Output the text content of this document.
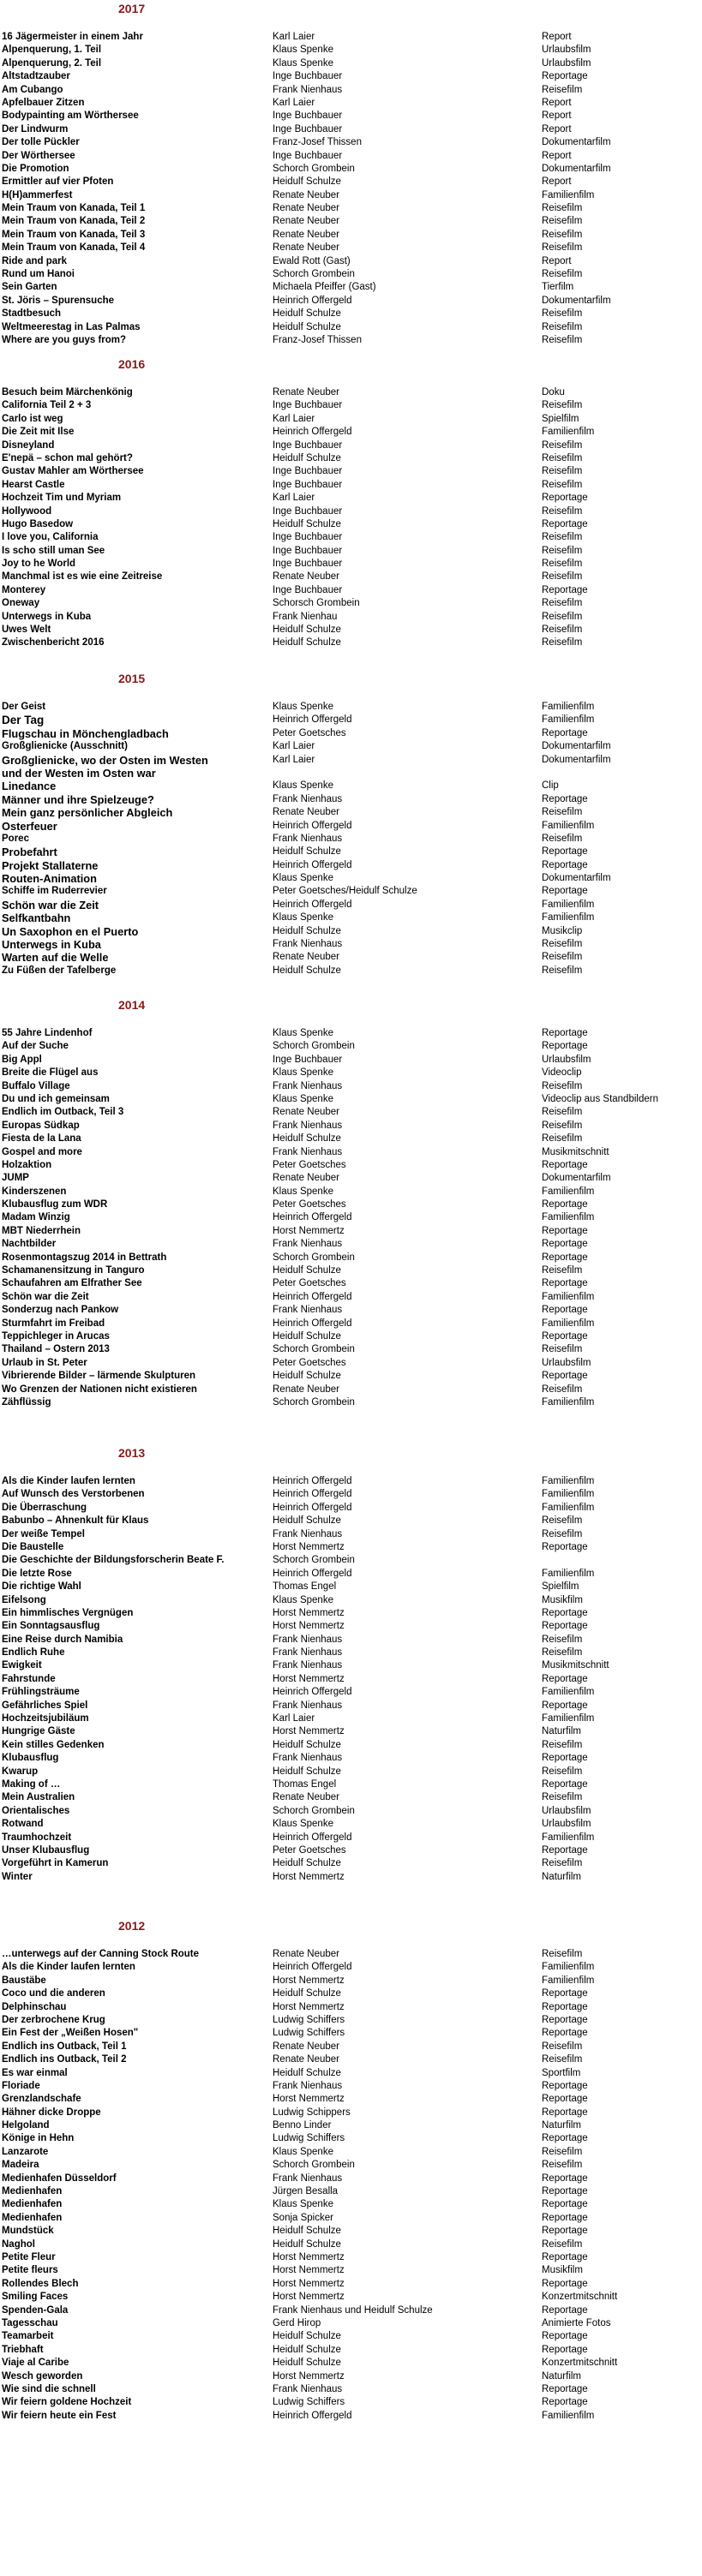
2017
16 Jägermeister in einem Jahr	Karl Laier	Report
Alpenquerung, 1. Teil	Klaus Spenke	Urlaubsfilm
Alpenquerung, 2. Teil	Klaus Spenke	Urlaubsfilm
Altstadtzauber	Inge Buchbauer	Reportage
Am Cubango	Frank Nienhaus	Reisefilm
Apfelbauer Zitzen	Karl Laier	Report
Bodypainting am Wörthersee	Inge Buchbauer	Report
Der Lindwurm	Inge Buchbauer	Report
Der tolle Pückler	Franz-Josef Thissen	Dokumentarfilm
Der Wörthersee	Inge Buchbauer	Report
Die Promotion	Schorch Grombein	Dokumentarfilm
Ermittler auf vier Pfoten	Heidulf Schulze	Report
H(H)ammerfest	Renate Neuber	Familienfilm
Mein Traum von Kanada, Teil 1	Renate Neuber	Reisefilm
Mein Traum von Kanada, Teil 2	Renate Neuber	Reisefilm
Mein Traum von Kanada, Teil 3	Renate Neuber	Reisefilm
Mein Traum von Kanada, Teil 4	Renate Neuber	Reisefilm
Ride and park	Ewald Rott (Gast)	Report
Rund um Hanoi	Schorch Grombein	Reisefilm
Sein Garten	Michaela Pfeiffer (Gast)	Tierfilm
St. Jöris – Spurensuche	Heinrich Offergeld	Dokumentarfilm
Stadtbesuch	Heidulf Schulze	Reisefilm
Weltmeerestag in Las Palmas	Heidulf Schulze	Reisefilm
Where are you guys from?	Franz-Josef Thissen	Reisefilm
2016
Besuch beim Märchenkönig	Renate Neuber	Doku
California Teil 2 + 3	Inge Buchbauer	Reisefilm
Carlo ist weg	Karl Laier	Spielfilm
Die Zeit mit Ilse	Heinrich Offergeld	Familienfilm
Disneyland	Inge Buchbauer	Reisefilm
E'nepä – schon mal gehört?	Heidulf Schulze	Reisefilm
Gustav Mahler am Wörthersee	Inge Buchbauer	Reisefilm
Hearst Castle	Inge Buchbauer	Reisefilm
Hochzeit Tim und Myriam	Karl Laier	Reportage
Hollywood	Inge Buchbauer	Reisefilm
Hugo Basedow	Heidulf Schulze	Reportage
I love you, California	Inge Buchbauer	Reisefilm
Is scho still uman See	Inge Buchbauer	Reisefilm
Joy to he World	Inge Buchbauer	Reisefilm
Manchmal ist es wie eine Zeitreise	Renate Neuber	Reisefilm
Monterey	Inge Buchbauer	Reportage
Oneway	Schorsch Grombein	Reisefilm
Unterwegs in Kuba	Frank Nienhau	Reisefilm
Uwes Welt	Heidulf Schulze	Reisefilm
Zwischenbericht 2016	Heidulf Schulze	Reisefilm
2015
Der Geist	Klaus Spenke	Familienfilm
Der Tag	Heinrich Offergeld	Familienfilm
Flugschau in Mönchengladbach	Peter Goetsches	Reportage
Großglienicke (Ausschnitt)	Karl Laier	Dokumentarfilm
Großglienicke, wo der Osten im Westen	Karl Laier	Dokumentarfilm
und der Westen im Osten war
Linedance	Klaus Spenke	Clip
Männer und ihre Spielzeuge?	Frank Nienhaus	Reportage
Mein ganz persönlicher Abgleich	Renate Neuber	Reisefilm
Osterfeuer	Heinrich Offergeld	Familienfilm
Porec	Frank Nienhaus	Reisefilm
Probefahrt	Heidulf Schulze	Reportage
Projekt Stallaterne	Heinrich Offergeld	Reportage
Routen-Animation	Klaus Spenke	Dokumentarfilm
Schiffe im Ruderrevier	Peter Goetsches/Heidulf Schulze	Reportage
Schön war die Zeit	Heinrich Offergeld	Familienfilm
Selfkantbahn	Klaus Spenke	Familienfilm
Un Saxophon en el Puerto	Heidulf Schulze	Musikclip
Unterwegs in Kuba	Frank Nienhaus	Reisefilm
Warten auf die Welle	Renate Neuber	Reisefilm
Zu Füßen der Tafelberge	Heidulf Schulze	Reisefilm
2014
55 Jahre Lindenhof	Klaus Spenke	Reportage
Auf der Suche	Schorch Grombein	Reportage
Big Appl	Inge Buchbauer	Urlaubsfilm
Breite die Flügel aus	Klaus Spenke	Videoclip
Buffalo Village	Frank Nienhaus	Reisefilm
Du und ich gemeinsam	Klaus Spenke	Videoclip aus Standbildern
Endlich im Outback, Teil 3	Renate Neuber	Reisefilm
Europas Südkap	Frank Nienhaus	Reisefilm
Fiesta de la Lana	Heidulf Schulze	Reisefilm
Gospel and more	Frank Nienhaus	Musikmitschnitt
Holzaktion	Peter Goetsches	Reportage
JUMP	Renate Neuber	Dokumentarfilm
Kinderszenen	Klaus Spenke	Familienfilm
Klubausflug zum WDR	Peter Goetsches	Reportage
Madam Winzig	Heinrich Offergeld	Familienfilm
MBT Niederrhein	Horst Nemmertz	Reportage
Nachtbilder	Frank Nienhaus	Reportage
Rosenmontagszug 2014 in Bettrath	Schorch Grombein	Reportage
Schamanensitzung in Tanguro	Heidulf Schulze	Reisefilm
Schaufahren am Elfrather See	Peter Goetsches	Reportage
Schön war die Zeit	Heinrich Offergeld	Familienfilm
Sonderzug nach Pankow	Frank Nienhaus	Reportage
Sturmfahrt im Freibad	Heinrich Offergeld	Familienfilm
Teppichleger in Arucas	Heidulf Schulze	Reportage
Thailand – Ostern 2013	Schorch Grombein	Reisefilm
Urlaub in St. Peter	Peter Goetsches	Urlaubsfilm
Vibrierende Bilder – lärmende Skulpturen	Heidulf Schulze	Reportage
Wo Grenzen der Nationen nicht existieren	Renate Neuber	Reisefilm
Zähflüssig	Schorch Grombein	Familienfilm
2013
Als die Kinder laufen lernten	Heinrich Offergeld	Familienfilm
Auf Wunsch des Verstorbenen	Heinrich Offergeld	Familienfilm
Die Überraschung	Heinrich Offergeld	Familienfilm
Babunbo – Ahnenkult für Klaus	Heidulf Schulze	Reisefilm
Der weiße Tempel	Frank Nienhaus	Reisefilm
Die Baustelle	Horst Nemmertz	Reportage
Die Geschichte der Bildungsforscherin Beate F.	Schorch Grombein
Die letzte Rose	Heinrich Offergeld	Familienfilm
Die richtige Wahl	Thomas Engel	Spielfilm
Eifelsong	Klaus Spenke	Musikfilm
Ein himmlisches Vergnügen	Horst Nemmertz	Reportage
Ein Sonntagsausflug	Horst Nemmertz	Reportage
Eine Reise durch Namibia	Frank Nienhaus	Reisefilm
Endlich Ruhe	Frank Nienhaus	Reisefilm
Ewigkeit	Frank Nienhaus	Musikmitschnitt
Fahrstunde	Horst Nemmertz	Reportage
Frühlingsträume	Heinrich Offergeld	Familienfilm
Gefährliches Spiel	Frank Nienhaus	Reportage
Hochzeitsjubiläum	Karl Laier	Familienfilm
Hungrige Gäste	Horst Nemmertz	Naturfilm
Kein stilles Gedenken	Heidulf Schulze	Reisefilm
Klubausflug	Frank Nienhaus	Reportage
Kwarup	Heidulf Schulze	Reisefilm
Making of …	Thomas Engel	Reportage
Mein Australien	Renate Neuber	Reisefilm
Orientalisches	Schorch Grombein	Urlaubsfilm
Rotwand	Klaus Spenke	Urlaubsfilm
Traumhochzeit	Heinrich Offergeld	Familienfilm
Unser Klubausflug	Peter Goetsches	Reportage
Vorgeführt in Kamerun	Heidulf Schulze	Reisefilm
Winter	Horst Nemmertz	Naturfilm
2012
…unterwegs auf der Canning Stock Route	Renate Neuber	Reisefilm
Als die Kinder laufen lernten	Heinrich Offergeld	Familienfilm
Baustäbe	Horst Nemmertz	Familienfilm
Coco und die anderen	Heidulf Schulze	Reportage
Delphinschau	Horst Nemmertz	Reportage
Der zerbrochene Krug	Ludwig Schiffers	Reportage
Ein Fest der „Weißen Hosen"	Ludwig Schiffers	Reportage
Endlich ins Outback, Teil 1	Renate Neuber	Reisefilm
Endlich ins Outback, Teil 2	Renate Neuber	Reisefilm
Es war einmal	Heidulf Schulze	Sportfilm
Floriade	Frank Nienhaus	Reportage
Grenzlandschafe	Horst Nemmertz	Reportage
Hähner dicke Droppe	Ludwig Schippers	Reportage
Helgoland	Benno Linder	Naturfilm
Könige in Hehn	Ludwig Schiffers	Reportage
Lanzarote	Klaus Spenke	Reisefilm
Madeira	Schorch Grombein	Reisefilm
Medienhafen Düsseldorf	Frank Nienhaus	Reportage
Medienhafen	Jürgen Besalla	Reportage
Medienhafen	Klaus Spenke	Reportage
Medienhafen	Sonja Spicker	Reportage
Mundstück	Heidulf Schulze	Reportage
Naghol	Heidulf Schulze	Reisefilm
Petite Fleur	Horst Nemmertz	Reportage
Petite fleurs	Horst Nemmertz	Musikfilm
Rollendes Blech	Horst Nemmertz	Reportage
Smiling Faces	Horst Nemmertz	Konzertmitschnitt
Spenden-Gala	Frank Nienhaus und Heidulf Schulze	Reportage
Tagesschau	Gerd Hirop	Animierte Fotos
Teamarbeit	Heidulf Schulze	Reportage
Triebhaft	Heidulf Schulze	Reportage
Viaje al Caribe	Heidulf Schulze	Konzertmitschnitt
Wesch geworden	Horst Nemmertz	Naturfilm
Wie sind die schnell	Frank Nienhaus	Reportage
Wir feiern goldene Hochzeit	Ludwig Schiffers	Reportage
Wir feiern heute ein Fest	Heinrich Offergeld	Familienfilm
